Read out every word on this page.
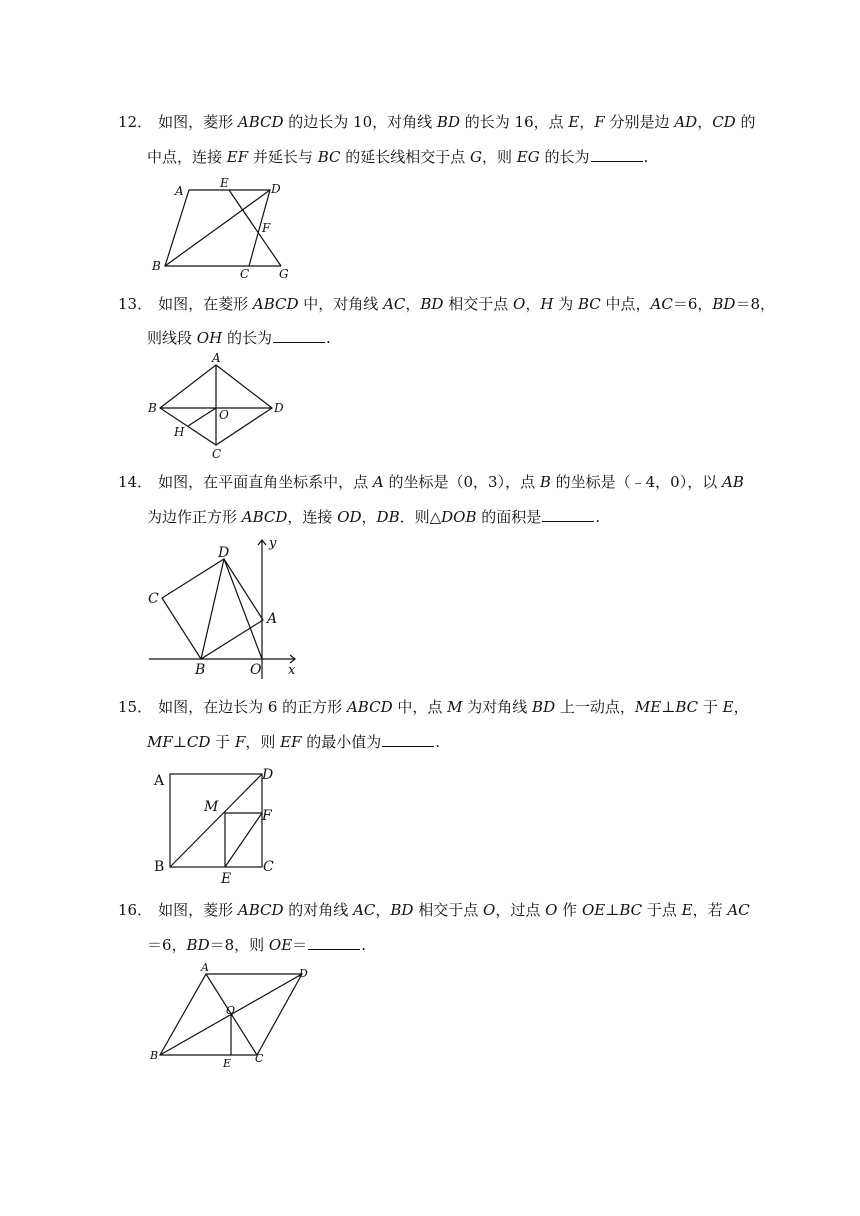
12． 如图，菱形 ABCD 的边长为 10，对角线 BD 的长为 16，点 E，F 分别是边 AD，CD 的
中点，连接 EF 并延长与 BC 的延长线相交于点 G，则 EG 的长为	.
A
E	D
F
B
C G
13． 如图，在菱形 ABCD 中，对角线 AC，BD 相交于点 O，H 为 BC 中点，AC＝6，BD＝8，
则线段 OH 的长为	.
A
B	O	D
H
C
14． 如图，在平面直角坐标系中，点 A 的坐标是（0，3），点 B 的坐标是（﹣4，0），以 AB
为边作正方形 ABCD，连接 OD，DB．则△DOB 的面积是	.
D
y
C
A
B	O x
15． 如图，在边长为 6 的正方形 ABCD 中，点 M 为对角线 BD 上一动点，ME⊥BC 于 E，
MF⊥CD 于 F，则 EF 的最小值为	.
A	D
M
F
B
E
C
16． 如图，菱形 ABCD 的对角线 AC，BD 相交于点 O，过点 O 作 OE⊥BC 于点 E，若 AC
＝6，BD＝8，则 OE＝	.
A	D
O
B
E C
